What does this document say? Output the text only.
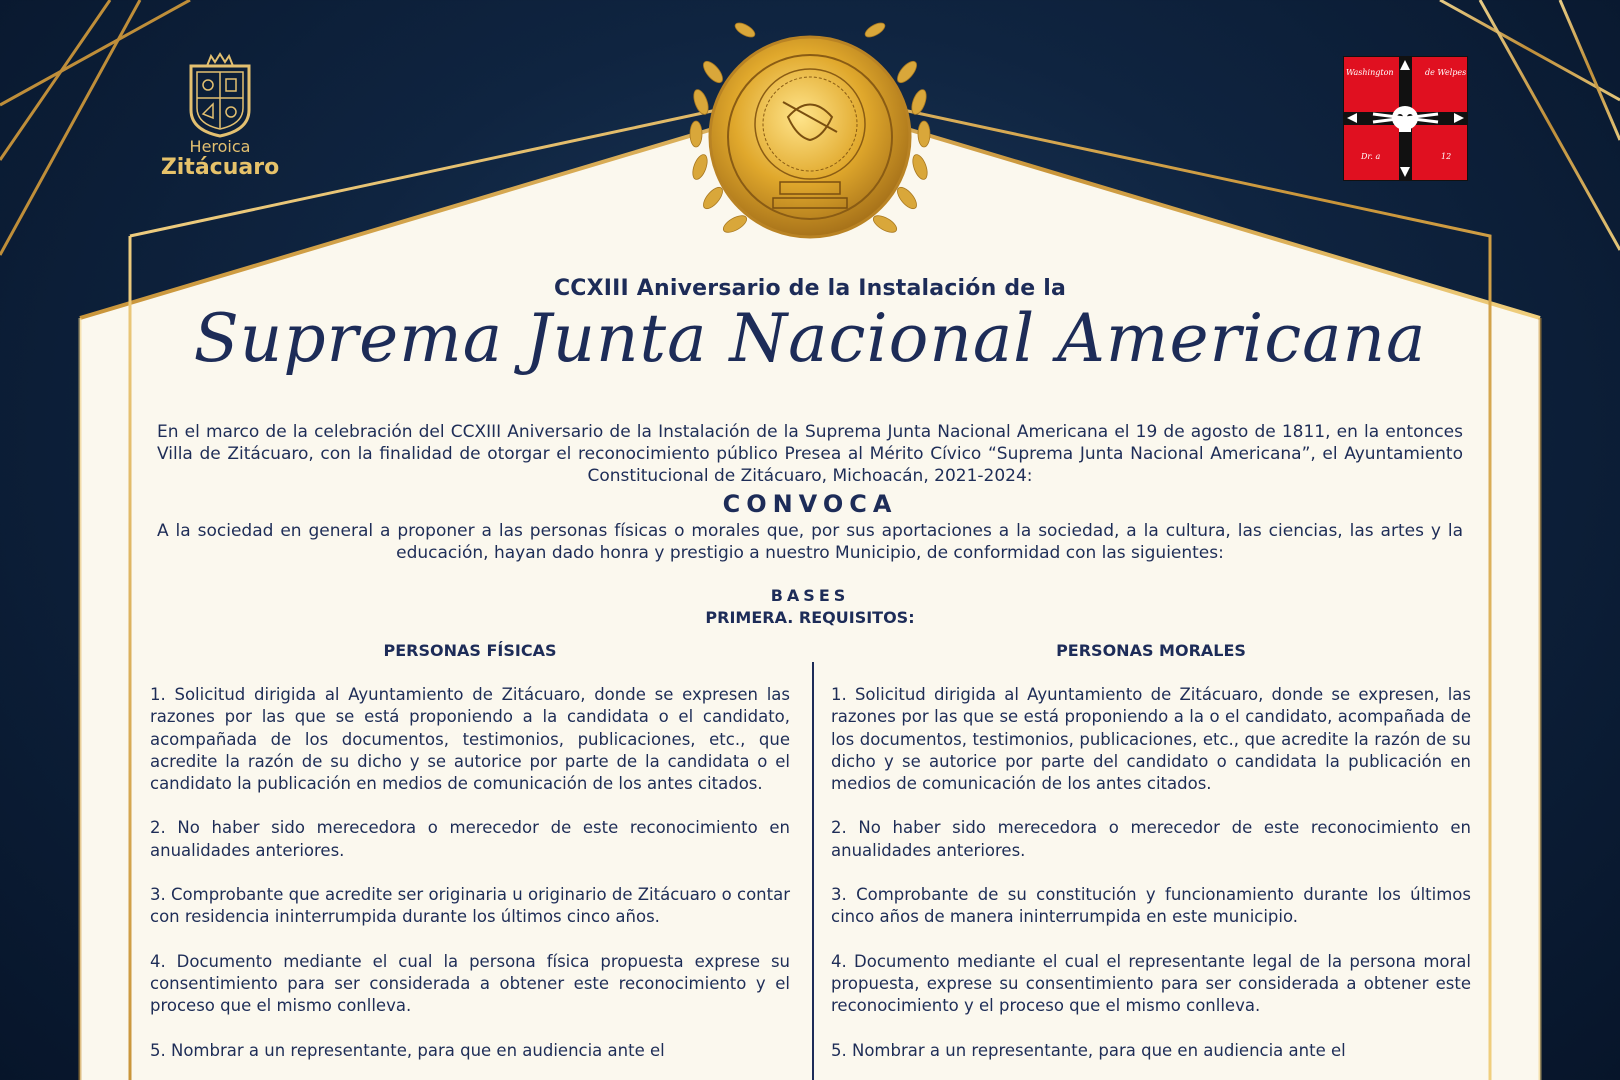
Heroica
Zitácuaro
Washington	de Welpes
Dr. a	12
CCXIII Aniversario de la Instalación de la
Suprema Junta Nacional Americana

En el marco de la celebración del CCXIII Aniversario de la Instalación de la Suprema Junta Nacional Americana el 19 de agosto de 1811, en la entonces Villa de Zitácuaro, con la finalidad de otorgar el reconocimiento público Presea al Mérito Cívico “Suprema Junta Nacional Americana”, el Ayuntamiento Constitucional de Zitácuaro, Michoacán, 2021-2024:

CONVOCA

A la sociedad en general a proponer a las personas físicas o morales que, por sus aportaciones a la sociedad, a la cultura, las ciencias, las artes y la educación, hayan dado honra y prestigio a nuestro Municipio, de conformidad con las siguientes:

BASES
PRIMERA. REQUISITOS:
PERSONAS FÍSICAS	PERSONAS MORALES

1. Solicitud dirigida al Ayuntamiento de Zitácuaro, donde se expresen las razones por las que se está proponiendo a la candidata o el candidato, acompañada de los documentos, testimonios, publicaciones, etc., que acredite la razón de su dicho y se autorice por parte de la candidata o el candidato la publicación en medios de comunicación de los antes citados.

2. No haber sido merecedora o merecedor de este reconocimiento en anualidades anteriores.

3. Comprobante que acredite ser originaria u originario de Zitácuaro o contar con residencia ininterrumpida durante los últimos cinco años.

4. Documento mediante el cual la persona física propuesta exprese su consentimiento para ser considerada a obtener este reconocimiento y el proceso que el mismo conlleva.

5. Nombrar a un representante, para que en audiencia ante el

1. Solicitud dirigida al Ayuntamiento de Zitácuaro, donde se expresen, las razones por las que se está proponiendo a la o el candidato, acompañada de los documentos, testimonios, publicaciones, etc., que acredite la razón de su dicho y se autorice por parte del candidato o candidata la publicación en medios de comunicación de los antes citados.

2. No haber sido merecedora o merecedor de este reconocimiento en anualidades anteriores.

3. Comprobante de su constitución y funcionamiento durante los últimos cinco años de manera ininterrumpida en este municipio.

4. Documento mediante el cual el representante legal de la persona moral propuesta, exprese su consentimiento para ser considerada a obtener este reconocimiento y el proceso que el mismo conlleva.

5. Nombrar a un representante, para que en audiencia ante el
